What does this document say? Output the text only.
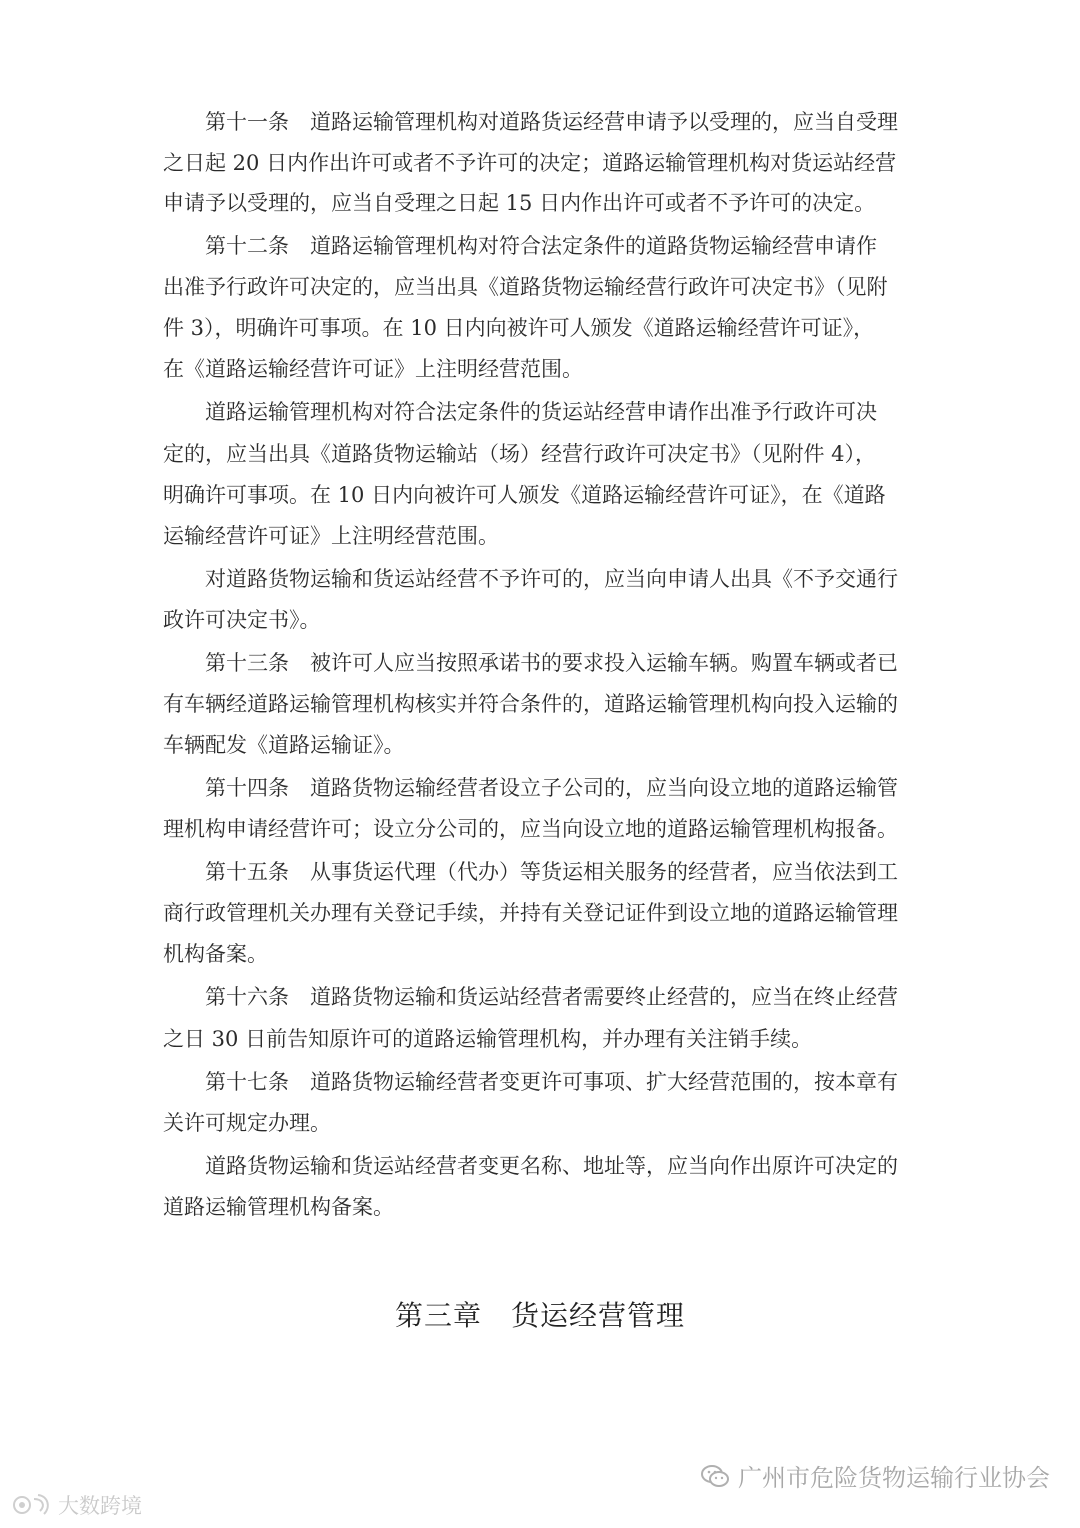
　　第十一条　道路运输管理机构对道路货运经营申请予以受理的，应当自受理
之日起 20 日内作出许可或者不予许可的决定；道路运输管理机构对货运站经营
申请予以受理的，应当自受理之日起 15 日内作出许可或者不予许可的决定。
　　第十二条　道路运输管理机构对符合法定条件的道路货物运输经营申请作
出准予行政许可决定的，应当出具《道路货物运输经营行政许可决定书》（见附
件 3），明确许可事项。在 10 日内向被许可人颁发《道路运输经营许可证》，
在《道路运输经营许可证》上注明经营范围。
　　道路运输管理机构对符合法定条件的货运站经营申请作出准予行政许可决
定的，应当出具《道路货物运输站（场）经营行政许可决定书》（见附件 4），
明确许可事项。在 10 日内向被许可人颁发《道路运输经营许可证》，在《道路
运输经营许可证》上注明经营范围。
　　对道路货物运输和货运站经营不予许可的，应当向申请人出具《不予交通行
政许可决定书》。
　　第十三条　被许可人应当按照承诺书的要求投入运输车辆。购置车辆或者已
有车辆经道路运输管理机构核实并符合条件的，道路运输管理机构向投入运输的
车辆配发《道路运输证》。
　　第十四条　道路货物运输经营者设立子公司的，应当向设立地的道路运输管
理机构申请经营许可；设立分公司的，应当向设立地的道路运输管理机构报备。
　　第十五条　从事货运代理（代办）等货运相关服务的经营者，应当依法到工
商行政管理机关办理有关登记手续，并持有关登记证件到设立地的道路运输管理
机构备案。
　　第十六条　道路货物运输和货运站经营者需要终止经营的，应当在终止经营
之日 30 日前告知原许可的道路运输管理机构，并办理有关注销手续。
　　第十七条　道路货物运输经营者变更许可事项、扩大经营范围的，按本章有
关许可规定办理。
　　道路货物运输和货运站经营者变更名称、地址等，应当向作出原许可决定的
道路运输管理机构备案。
第三章　货运经营管理
大数跨境
广州市危险货物运输行业协会
